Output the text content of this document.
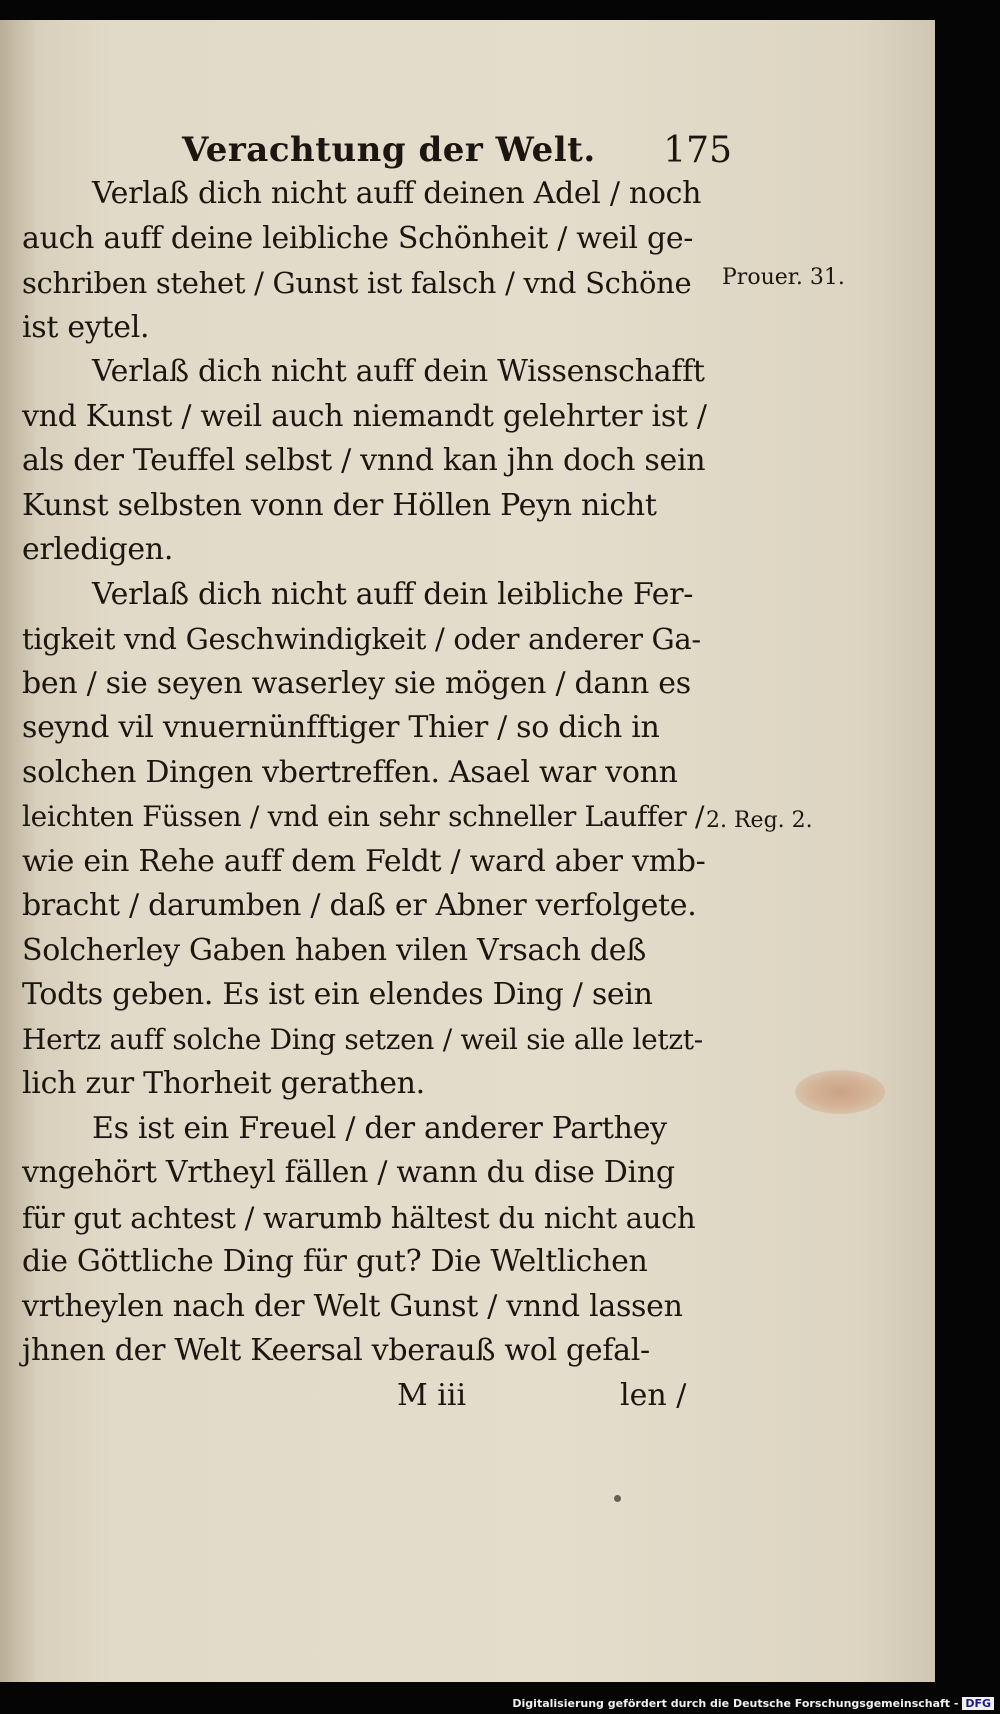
Verachtung der Welt. 175
Verlaß dich nicht auff deinen Adel / noch
auch auff deine leibliche Schönheit / weil ge-
schriben stehet / Gunst ist falsch / vnd Schöne
ist eytel.
Verlaß dich nicht auff dein Wissenschafft
vnd Kunst / weil auch niemandt gelehrter ist /
als der Teuffel selbst / vnnd kan jhn doch sein
Kunst selbsten vonn der Höllen Peyn nicht
erledigen.
Verlaß dich nicht auff dein leibliche Fer-
tigkeit vnd Geschwindigkeit / oder anderer Ga-
ben / sie seyen waserley sie mögen / dann es
seynd vil vnuernünfftiger Thier / so dich in
solchen Dingen vbertreffen. Asael war vonn
leichten Füssen / vnd ein sehr schneller Lauffer /
wie ein Rehe auff dem Feldt / ward aber vmb-
bracht / darumben / daß er Abner verfolgete.
Solcherley Gaben haben vilen Vrsach deß
Todts geben. Es ist ein elendes Ding / sein
Hertz auff solche Ding setzen / weil sie alle letzt-
lich zur Thorheit gerathen.
Es ist ein Freuel / der anderer Parthey
vngehört Vrtheyl fällen / wann du dise Ding
für gut achtest / warumb hältest du nicht auch
die Göttliche Ding für gut? Die Weltlichen
vrtheylen nach der Welt Gunst / vnnd lassen
jhnen der Welt Keersal vberauß wol gefal-
M iii	len /
Prouer. 31.
2. Reg. 2.
Digitalisierung gefördert durch die Deutsche Forschungsgemeinschaft - DFG
